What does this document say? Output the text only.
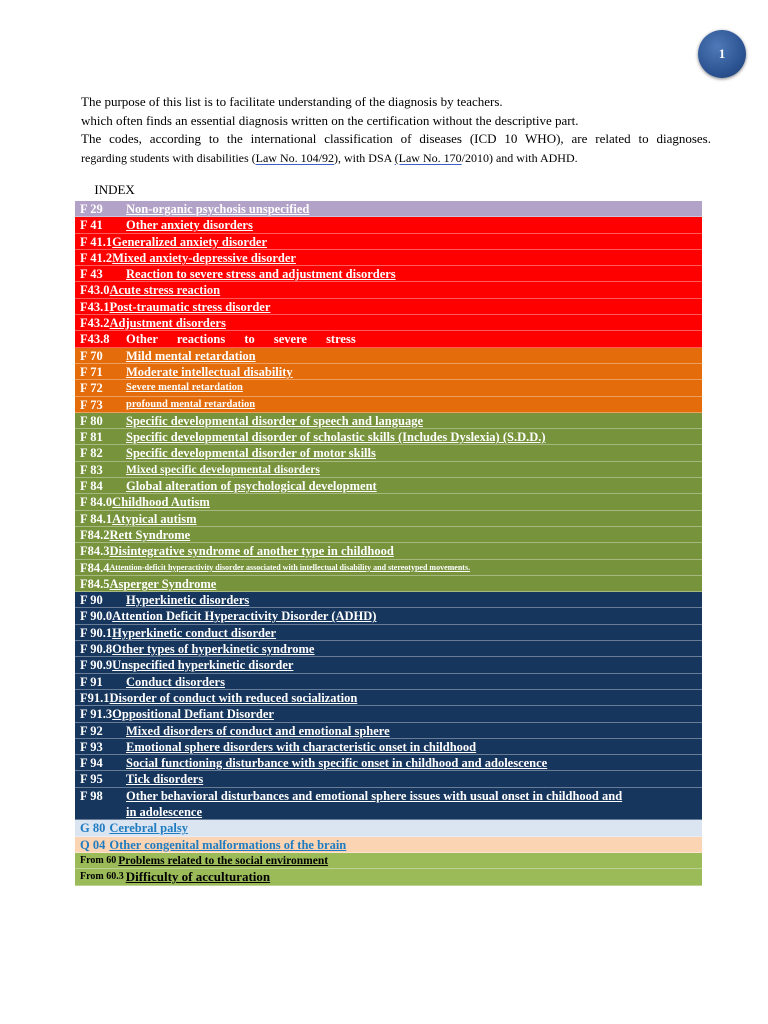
1

The purpose of this list is to facilitate understanding of the diagnosis by teachers.

which often finds an essential diagnosis written on the certification without the descriptive part.

The codes, according to the international classification of diseases (ICD 10 WHO), are related to diagnoses.

regarding students with disabilities (Law No. 104/92), with DSA (Law No. 170/2010) and with ADHD.

INDEX
F 29	Non-organic psychosis unspecified
F 41	Other anxiety disorders
F 41.1 Generalized anxiety disorder
F 41.2 Mixed anxiety-depressive disorder
F 43	Reaction to severe stress and adjustment disorders
F43.0 Acute stress reaction
F43.1 Post-traumatic stress disorder
F43.2 Adjustment disorders
F43.8	Other reactions to severe stress
F 70	Mild mental retardation
F 71	Moderate intellectual disability
F 72	Severe mental retardation
F 73	profound mental retardation
F 80	Specific developmental disorder of speech and language
F 81	Specific developmental disorder of scholastic skills (Includes Dyslexia) (S.D.D.)
F 82	Specific developmental disorder of motor skills
F 83	Mixed specific developmental disorders
F 84	Global alteration of psychological development
F 84.0 Childhood Autism
F 84.1 Atypical autism
F84.2 Rett Syndrome
F84.3 Disintegrative syndrome of another type in childhood
F84.4 Attention-deficit hyperactivity disorder associated with intellectual disability and stereotyped movements.
F84.5 Asperger Syndrome
F 90	Hyperkinetic disorders
F 90.0 Attention Deficit Hyperactivity Disorder (ADHD)
F 90.1 Hyperkinetic conduct disorder
F 90.8 Other types of hyperkinetic syndrome
F 90.9 Unspecified hyperkinetic disorder
F 91	Conduct disorders
F91.1 Disorder of conduct with reduced socialization
F 91.3 Oppositional Defiant Disorder
F 92	Mixed disorders of conduct and emotional sphere
F 93	Emotional sphere disorders with characteristic onset in childhood
F 94	Social functioning disturbance with specific onset in childhood and adolescence
F 95	Tick disorders
F 98	Other behavioral disturbances and emotional sphere issues with usual onset in childhood and
in adolescence
G 80 Cerebral palsy
Q 04 Other congenital malformations of the brain
From 60 Problems related to the social environment
From 60.3 Difficulty of acculturation
